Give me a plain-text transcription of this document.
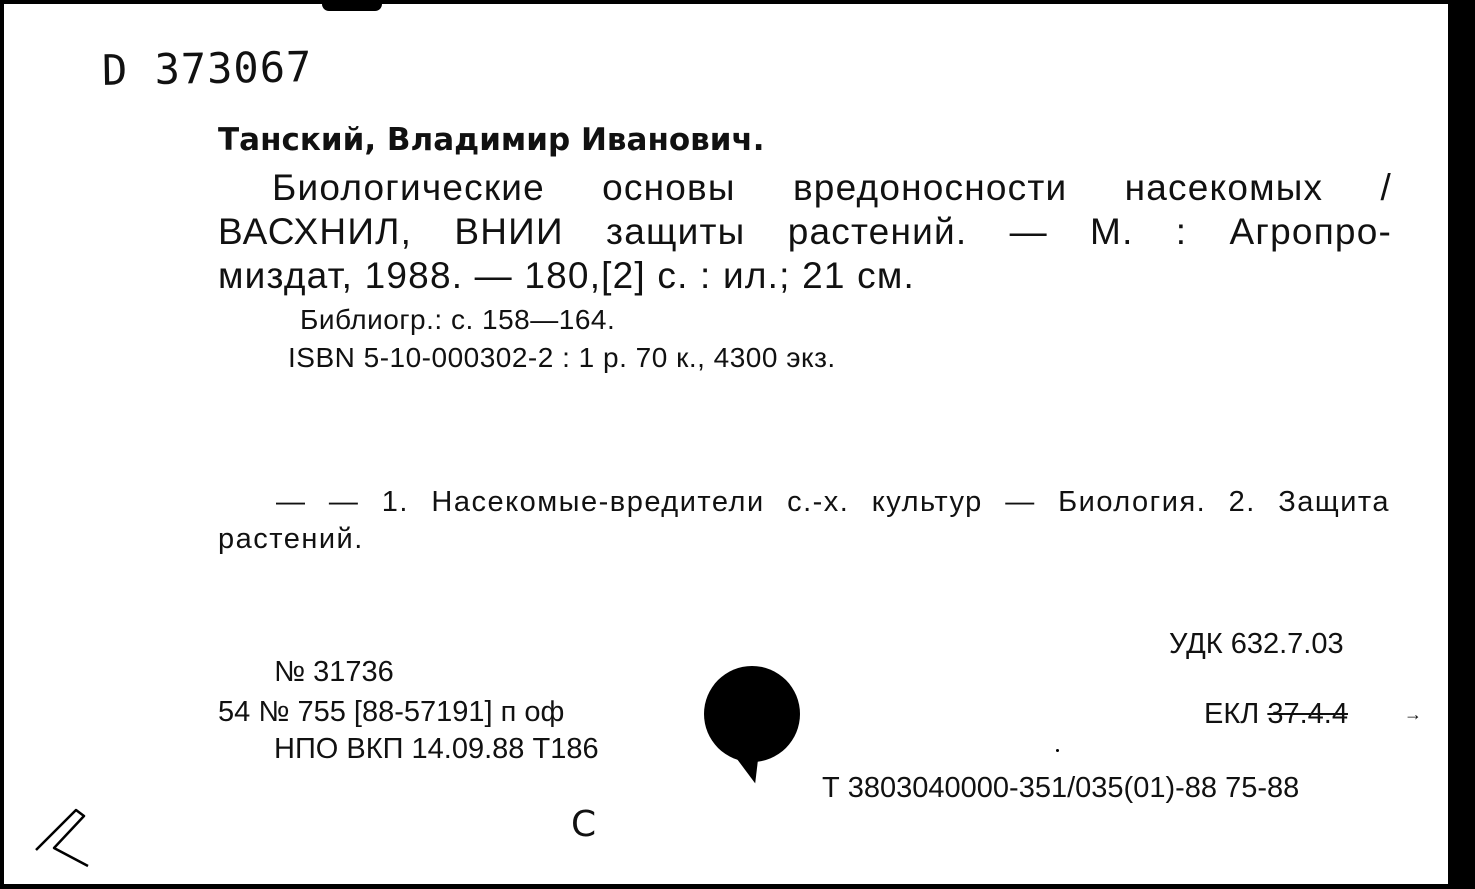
D 373067
Танский, Владимир Иванович.
Биологические основы вредоносности насекомых /
ВАСХНИЛ, ВНИИ защиты растений. — М. : Агропро-
миздат, 1988. — 180,[2] с. : ил.; 21 см.
Библиогр.: с. 158—164.
ISBN 5-10-000302-2 : 1 р. 70 к., 4300 экз.
— — 1. Насекомые-вредители с.-х. культур — Биология. 2. Защита
растений.
УДК 632.7.03
ЕКЛ 37.4.4
Т 3803040000-351/035(01)-88 75-88
№ 31736
54 № 755 [88-57191] п оф
НПО ВКП 14.09.88 Т186
С
→
